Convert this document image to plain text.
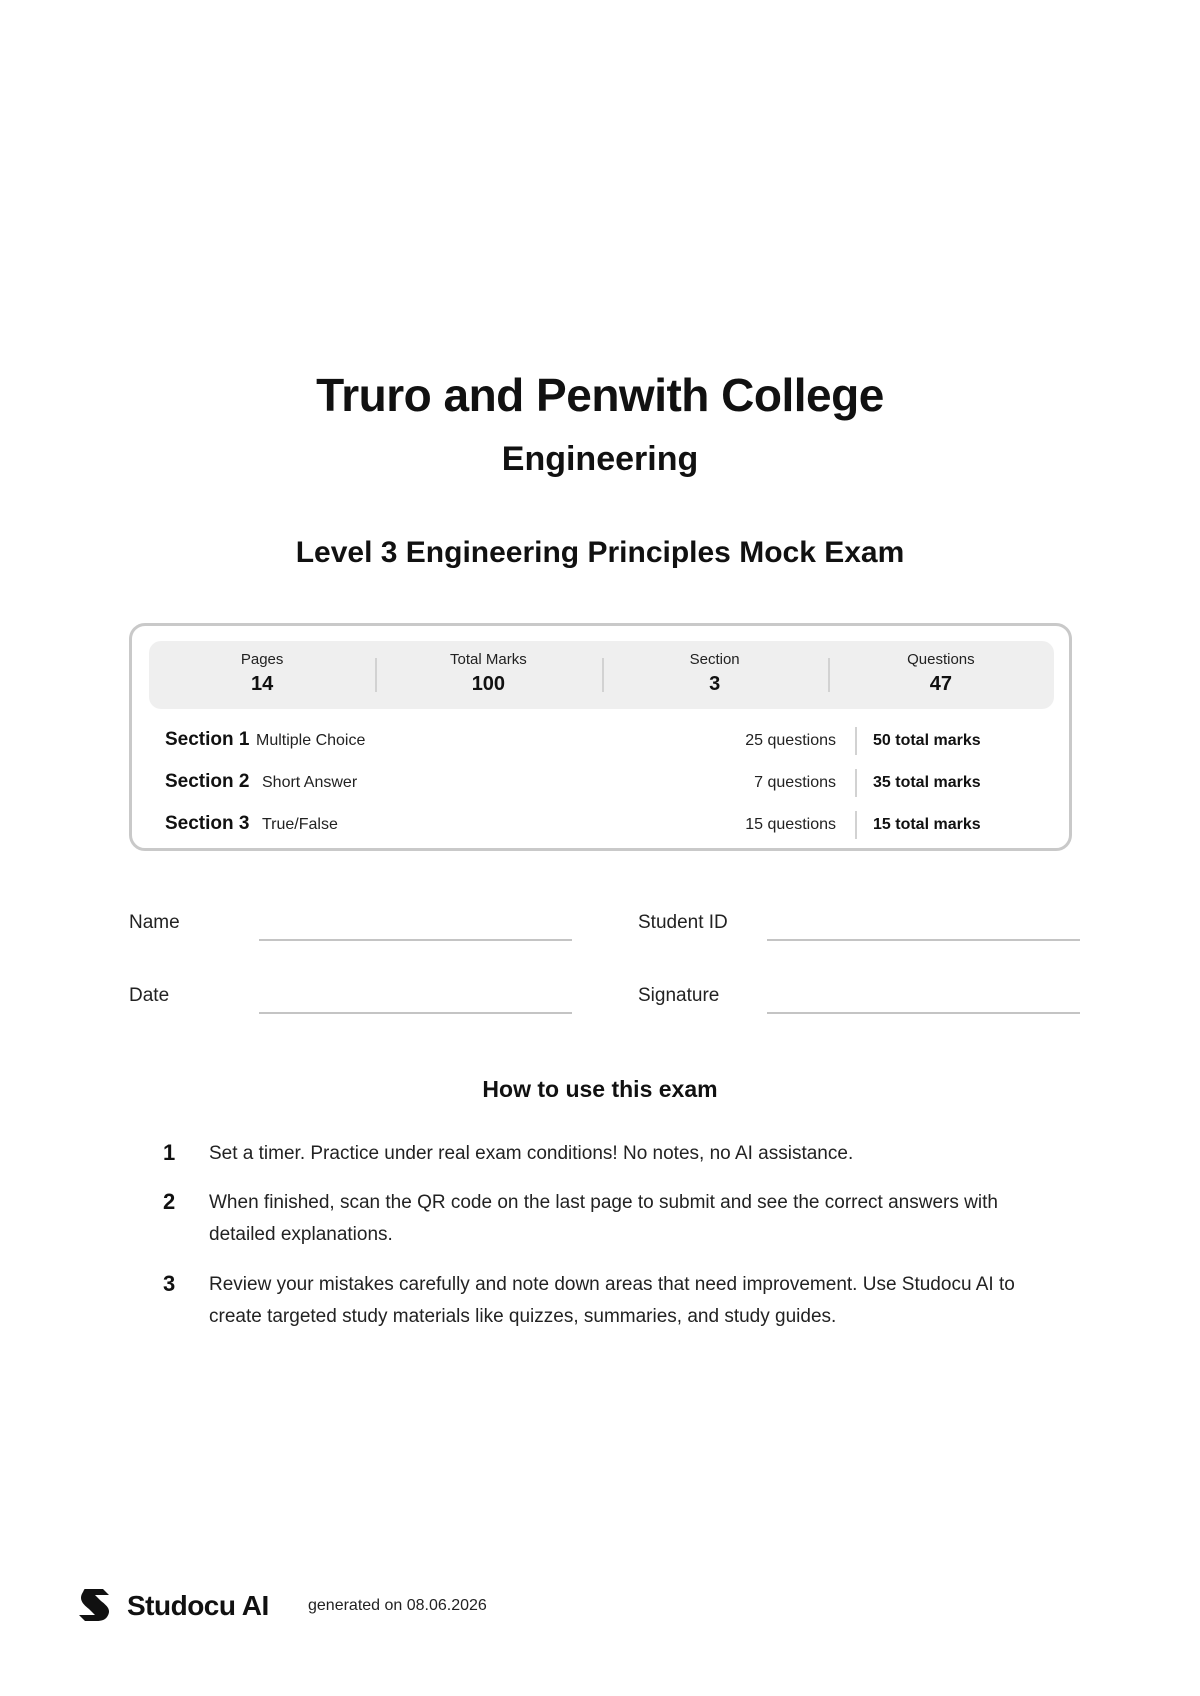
Truro and Penwith College
Engineering
Level 3 Engineering Principles Mock Exam
Pages
14
Total Marks
100
Section
3
Questions
47
Section 1 Multiple Choice	25 questions 50 total marks
Section 2 Short Answer	7 questions 35 total marks
Section 3 True/False	15 questions 15 total marks
Name	Student ID
Date	Signature
How to use this exam
1 Set a timer. Practice under real exam conditions! No notes, no AI assistance.
2 When finished, scan the QR code on the last page to submit and see the correct answers with detailed explanations.
3 Review your mistakes carefully and note down areas that need improvement. Use Studocu AI to create targeted study materials like quizzes, summaries, and study guides.
Studocu AI generated on 08.06.2026
